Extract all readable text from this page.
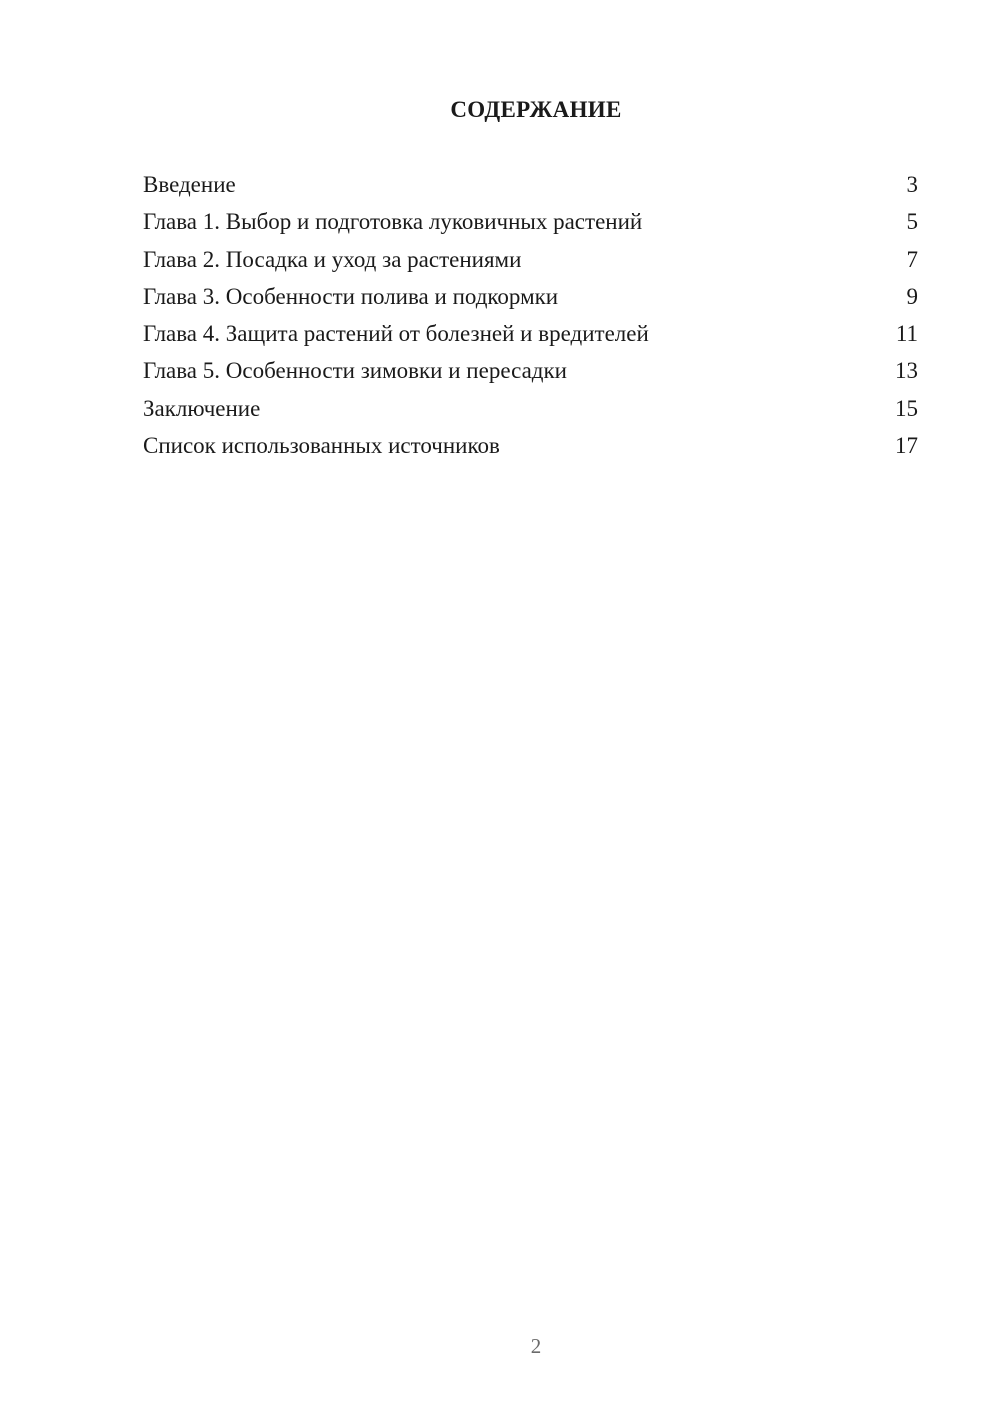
СОДЕРЖАНИЕ
Введение	3
Глава 1. Выбор и подготовка луковичных растений	5
Глава 2. Посадка и уход за растениями	7
Глава 3. Особенности полива и подкормки	9
Глава 4. Защита растений от болезней и вредителей	11
Глава 5. Особенности зимовки и пересадки	13
Заключение	15
Список использованных источников	17
2
